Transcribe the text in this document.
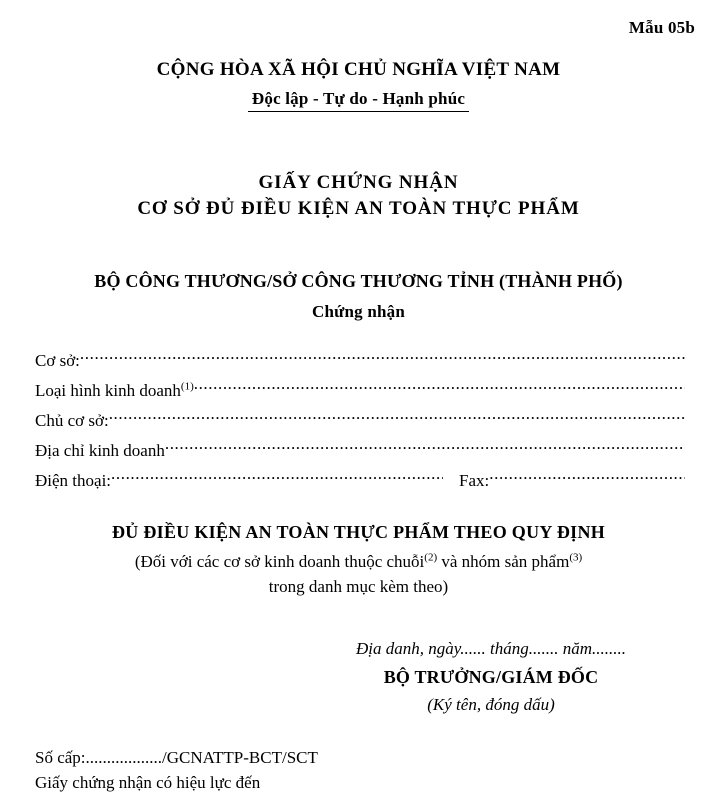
Mẫu 05b
CỘNG HÒA XÃ HỘI CHỦ NGHĨA VIỆT NAM
Độc lập - Tự do - Hạnh phúc
GIẤY CHỨNG NHẬN
CƠ SỞ ĐỦ ĐIỀU KIỆN AN TOÀN THỰC PHẨM
BỘ CÔNG THƯƠNG/SỞ CÔNG THƯƠNG TỈNH (THÀNH PHỐ)
Chứng nhận
Cơ sở:
.....
Loại hình kinh doanh$^{(1)}$
.....
Chủ cơ sở:
.....
Địa chỉ kinh doanh
.....
Điện thoại: .....	Fax:
.....
ĐỦ ĐIỀU KIỆN AN TOÀN THỰC PHẨM THEO QUY ĐỊNH
(Đối với các cơ sở kinh doanh thuộc chuỗi$^{(2)}$ và nhóm sản phẩm$^{(3)}$
trong danh mục kèm theo)
Địa danh, ngày...... tháng....... năm........
BỘ TRƯỞNG/GIÁM ĐỐC
(Ký tên, đóng dấu)
Số cấp:................../GCNATTP-BCT/SCT
Giấy chứng nhận có hiệu lực đến
